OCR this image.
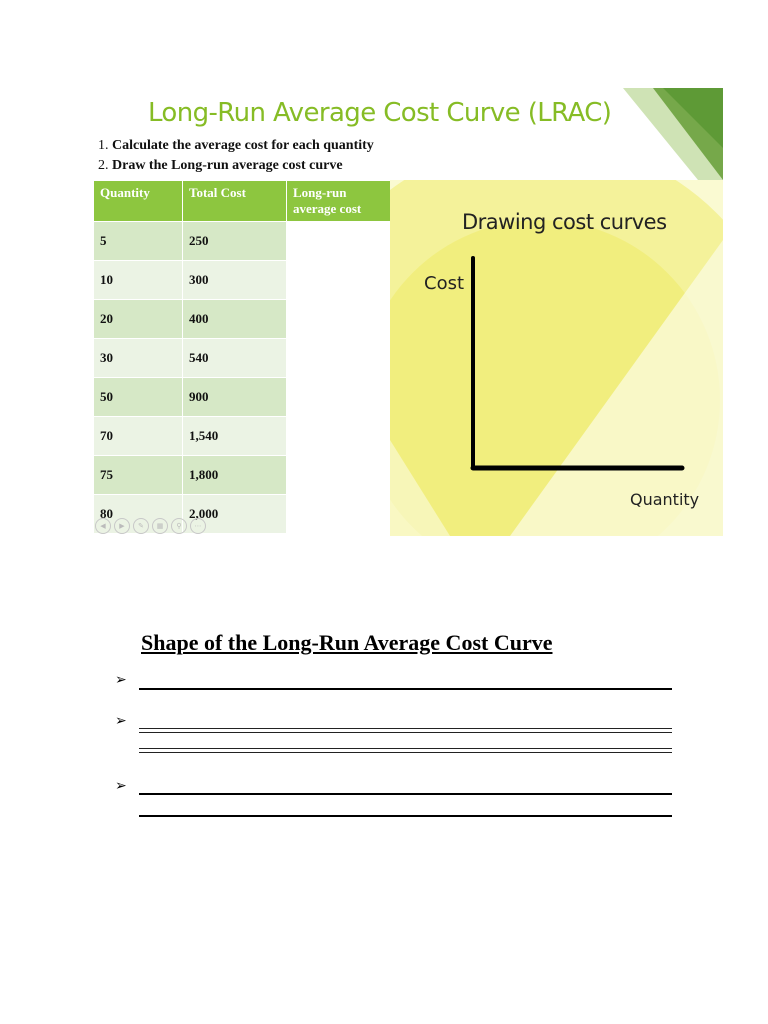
Long-Run Average Cost Curve (LRAC)
1. Calculate the average cost for each quantity
2. Draw the Long-run average cost curve
Quantity	Total Cost	Long-run average cost
5	250	
10	300	
20	400	
30	540	
50	900	
70	1,540	
75	1,800	
80	2,000	
◀	▶	✎	▦	⚲	⋯
Drawing cost curves
Cost
Quantity
Shape of the Long-Run Average Cost Curve
➢
➢
➢
